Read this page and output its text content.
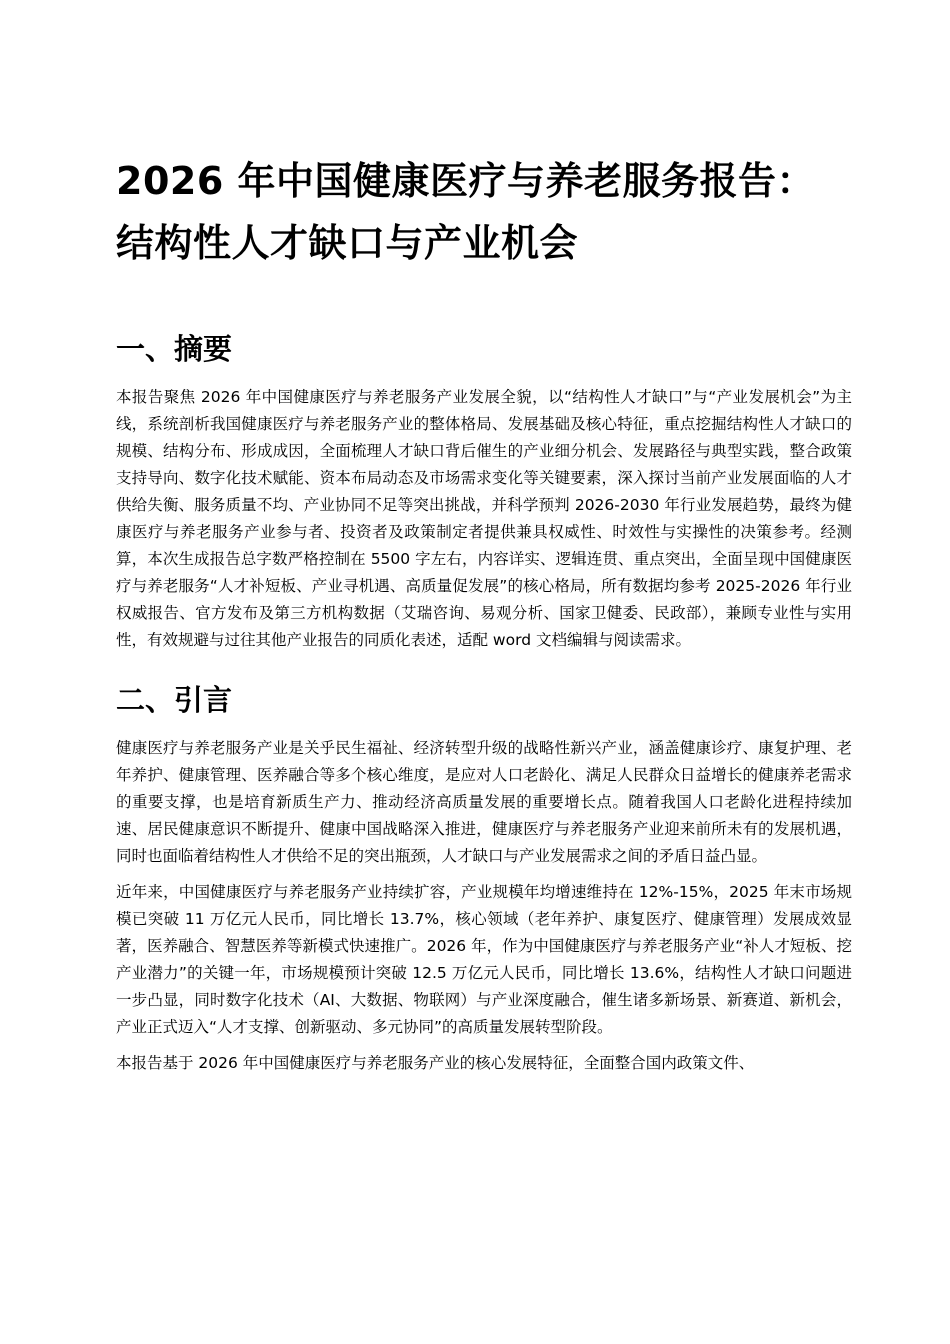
2026 年中国健康医疗与养老服务报告：
结构性人才缺口与产业机会
一、摘要

本报告聚焦 2026 年中国健康医疗与养老服务产业发展全貌，以“结构性人才缺口”与“产业发展机会”为主线，系统剖析我国健康医疗与养老服务产业的整体格局、发展基础及核心特征，重点挖掘结构性人才缺口的规模、结构分布、形成成因，全面梳理人才缺口背后催生的产业细分机会、发展路径与典型实践，整合政策支持导向、数字化技术赋能、资本布局动态及市场需求变化等关键要素，深入探讨当前产业发展面临的人才供给失衡、服务质量不均、产业协同不足等突出挑战，并科学预判 2026-2030 年行业发展趋势，最终为健康医疗与养老服务产业参与者、投资者及政策制定者提供兼具权威性、时效性与实操性的决策参考。经测算，本次生成报告总字数严格控制在 5500 字左右，内容详实、逻辑连贯、重点突出，全面呈现中国健康医疗与养老服务“人才补短板、产业寻机遇、高质量促发展”的核心格局，所有数据均参考 2025-2026 年行业权威报告、官方发布及第三方机构数据（艾瑞咨询、易观分析、国家卫健委、民政部），兼顾专业性与实用性，有效规避与过往其他产业报告的同质化表述，适配 word 文档编辑与阅读需求。

二、引言

健康医疗与养老服务产业是关乎民生福祉、经济转型升级的战略性新兴产业，涵盖健康诊疗、康复护理、老年养护、健康管理、医养融合等多个核心维度，是应对人口老龄化、满足人民群众日益增长的健康养老需求的重要支撑，也是培育新质生产力、推动经济高质量发展的重要增长点。随着我国人口老龄化进程持续加速、居民健康意识不断提升、健康中国战略深入推进，健康医疗与养老服务产业迎来前所未有的发展机遇，同时也面临着结构性人才供给不足的突出瓶颈，人才缺口与产业发展需求之间的矛盾日益凸显。

近年来，中国健康医疗与养老服务产业持续扩容，产业规模年均增速维持在 12%-15%，2025 年末市场规模已突破 11 万亿元人民币，同比增长 13.7%，核心领域（老年养护、康复医疗、健康管理）发展成效显著，医养融合、智慧医养等新模式快速推广。2026 年，作为中国健康医疗与养老服务产业“补人才短板、挖产业潜力”的关键一年，市场规模预计突破 12.5 万亿元人民币，同比增长 13.6%，结构性人才缺口问题进一步凸显，同时数字化技术（AI、大数据、物联网）与产业深度融合，催生诸多新场景、新赛道、新机会，产业正式迈入“人才支撑、创新驱动、多元协同”的高质量发展转型阶段。

本报告基于 2026 年中国健康医疗与养老服务产业的核心发展特征，全面整合国内政策文件、
